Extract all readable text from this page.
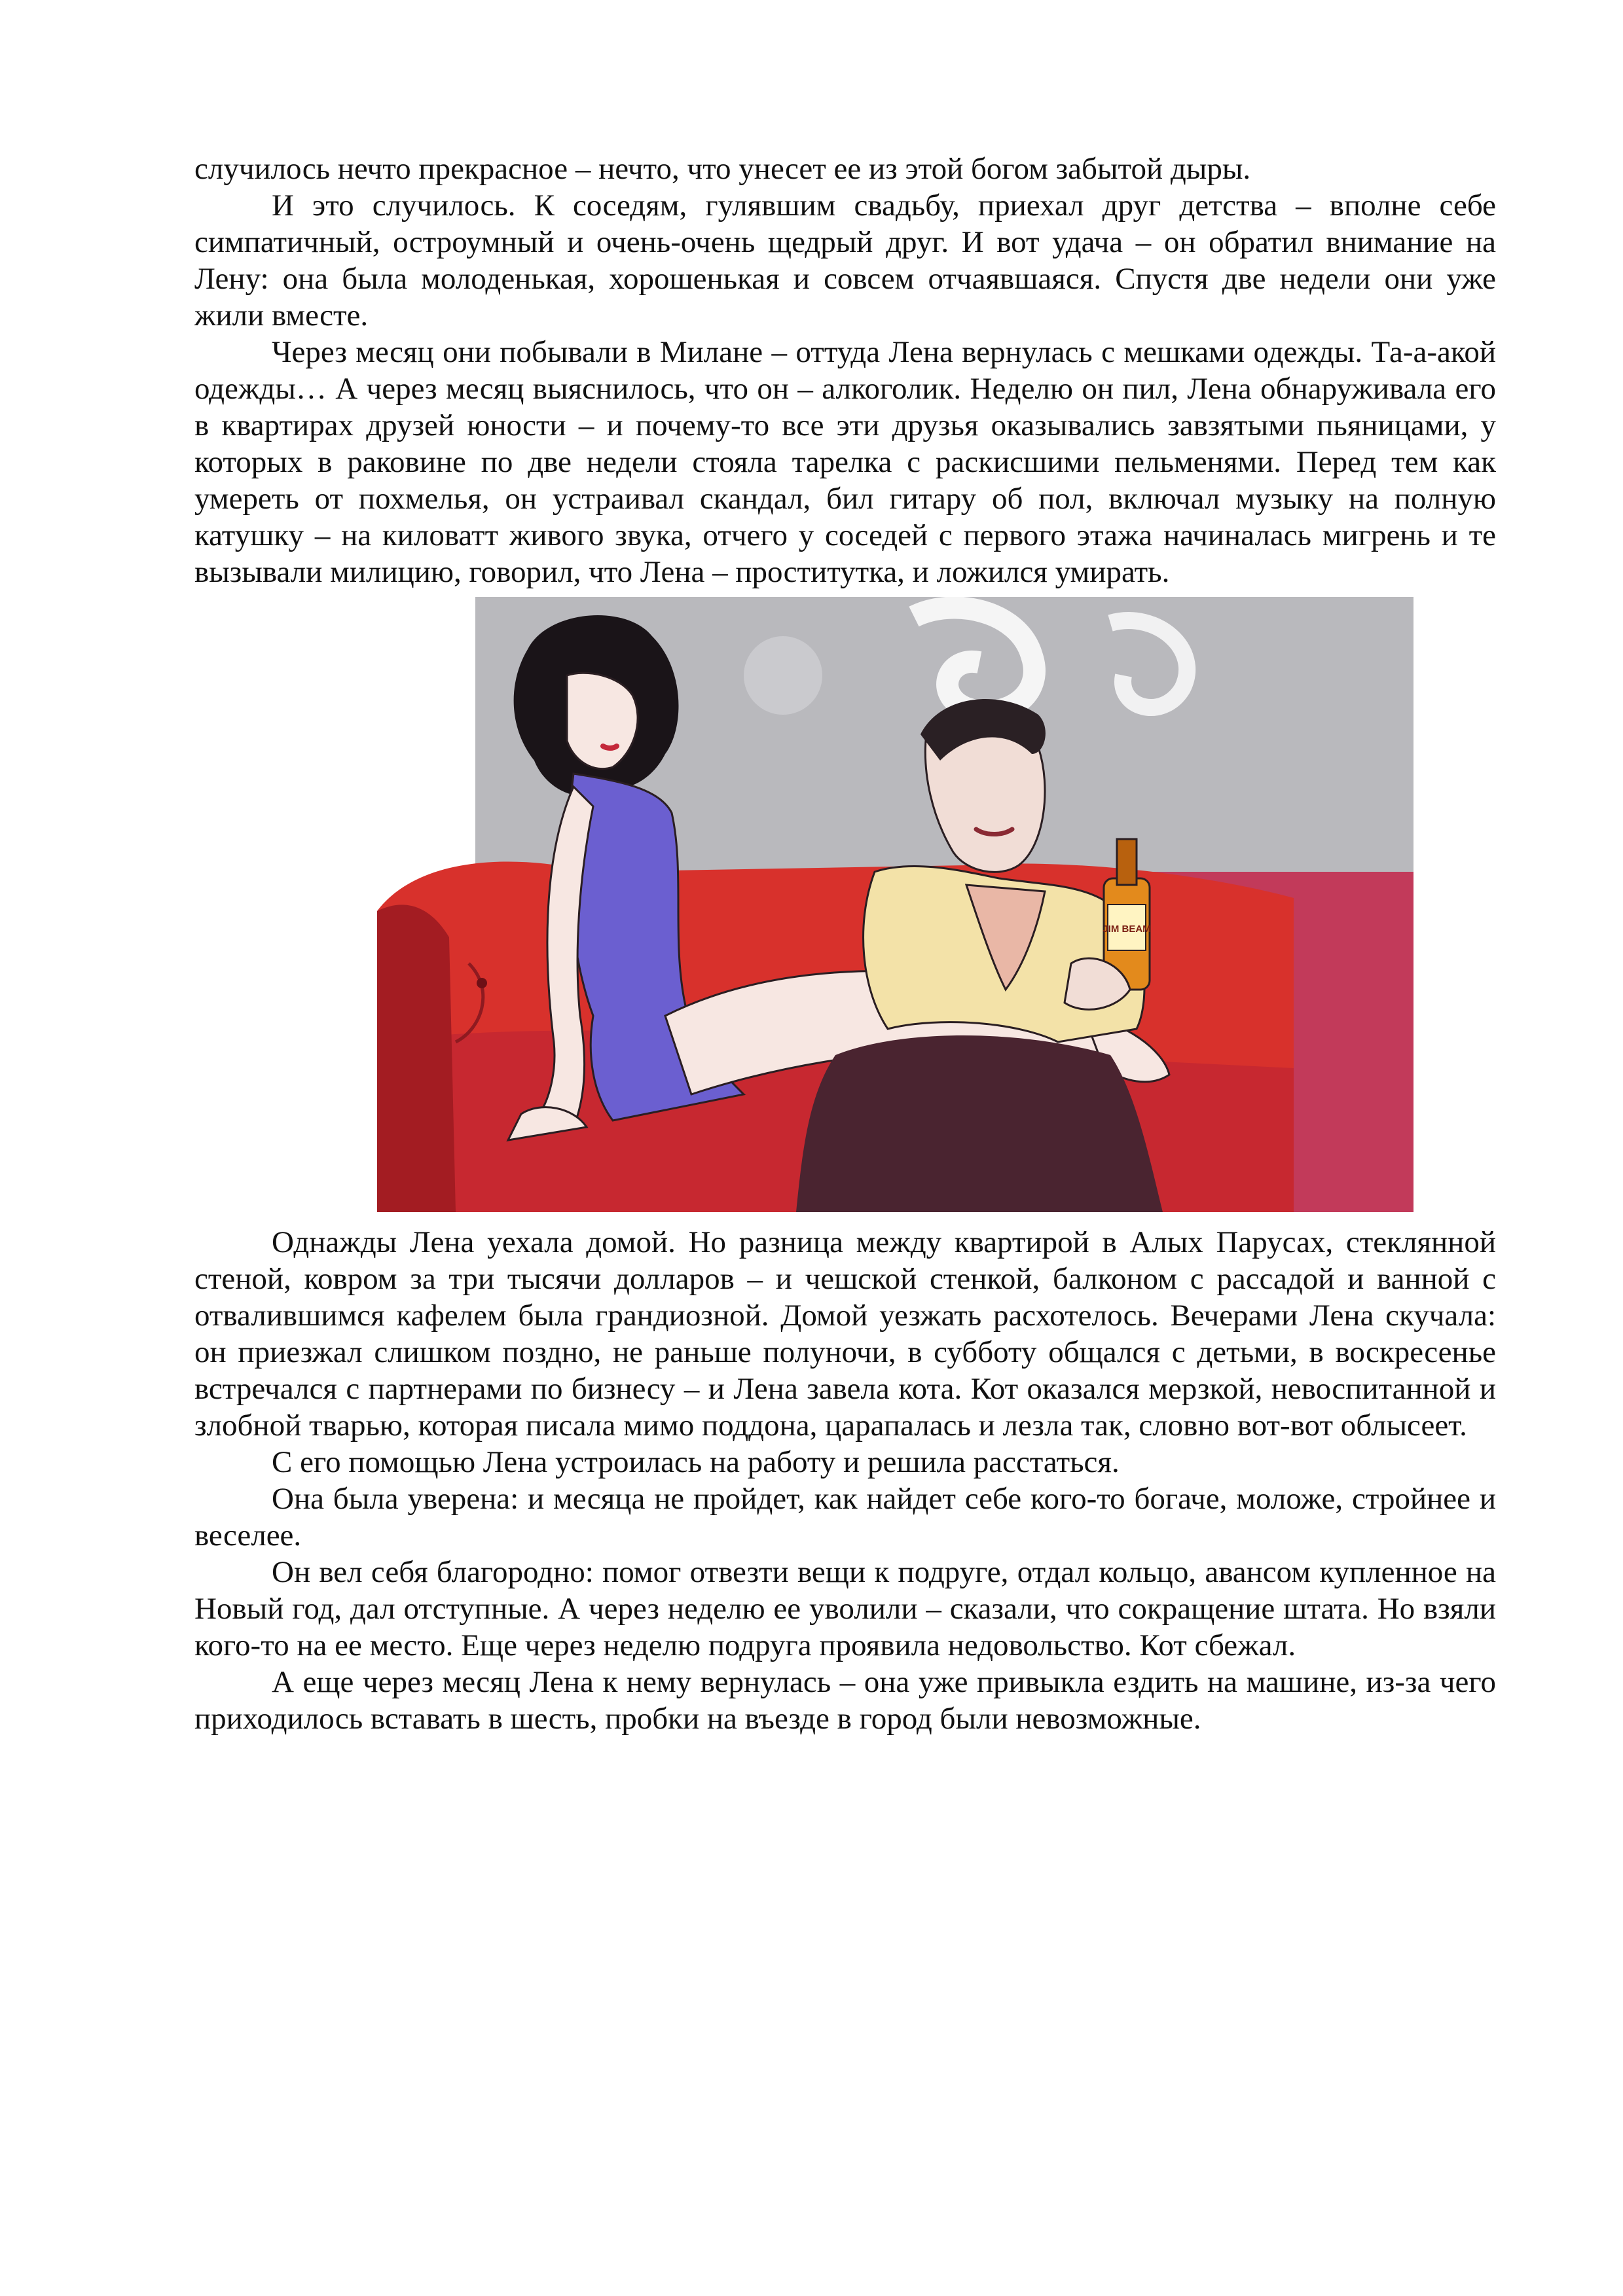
случилось нечто прекрасное – нечто, что унесет ее из этой богом забытой дыры.

И это случилось. К соседям, гулявшим свадьбу, приехал друг детства – вполне себе симпатичный, остроумный и очень-очень щедрый друг. И вот удача – он обратил внимание на Лену: она была молоденькая, хорошенькая и совсем отчаявшаяся. Спустя две недели они уже жили вместе.

Через месяц они побывали в Милане – оттуда Лена вернулась с мешками одежды. Та-а-акой одежды… А через месяц выяснилось, что он – алкоголик. Неделю он пил, Лена обнаруживала его в квартирах друзей юности – и почему-то все эти друзья оказывались завзятыми пьяницами, у которых в раковине по две недели стояла тарелка с раскисшими пельменями. Перед тем как умереть от похмелья, он устраивал скандал, бил гитару об пол, включал музыку на полную катушку – на киловатт живого звука, отчего у соседей с первого этажа начиналась мигрень и те вызывали милицию, говорил, что Лена – проститутка, и ложился умирать.

JIM BEAM

Однажды Лена уехала домой. Но разница между квартирой в Алых Парусах, стеклянной стеной, ковром за три тысячи долларов – и чешской стенкой, балконом с рассадой и ванной с отвалившимся кафелем была грандиозной. Домой уезжать расхотелось. Вечерами Лена скучала: он приезжал слишком поздно, не раньше полуночи, в субботу общался с детьми, в воскресенье встречался с партнерами по бизнесу – и Лена завела кота. Кот оказался мерзкой, невоспитанной и злобной тварью, которая писала мимо поддона, царапалась и лезла так, словно вот-вот облысеет.

С его помощью Лена устроилась на работу и решила расстаться.

Она была уверена: и месяца не пройдет, как найдет себе кого-то богаче, моложе, стройнее и веселее.

Он вел себя благородно: помог отвезти вещи к подруге, отдал кольцо, авансом купленное на Новый год, дал отступные. А через неделю ее уволили – сказали, что сокращение штата. Но взяли кого-то на ее место. Еще через неделю подруга проявила недовольство. Кот сбежал.

А еще через месяц Лена к нему вернулась – она уже привыкла ездить на машине, из-за чего приходилось вставать в шесть, пробки на въезде в город были невозможные.
